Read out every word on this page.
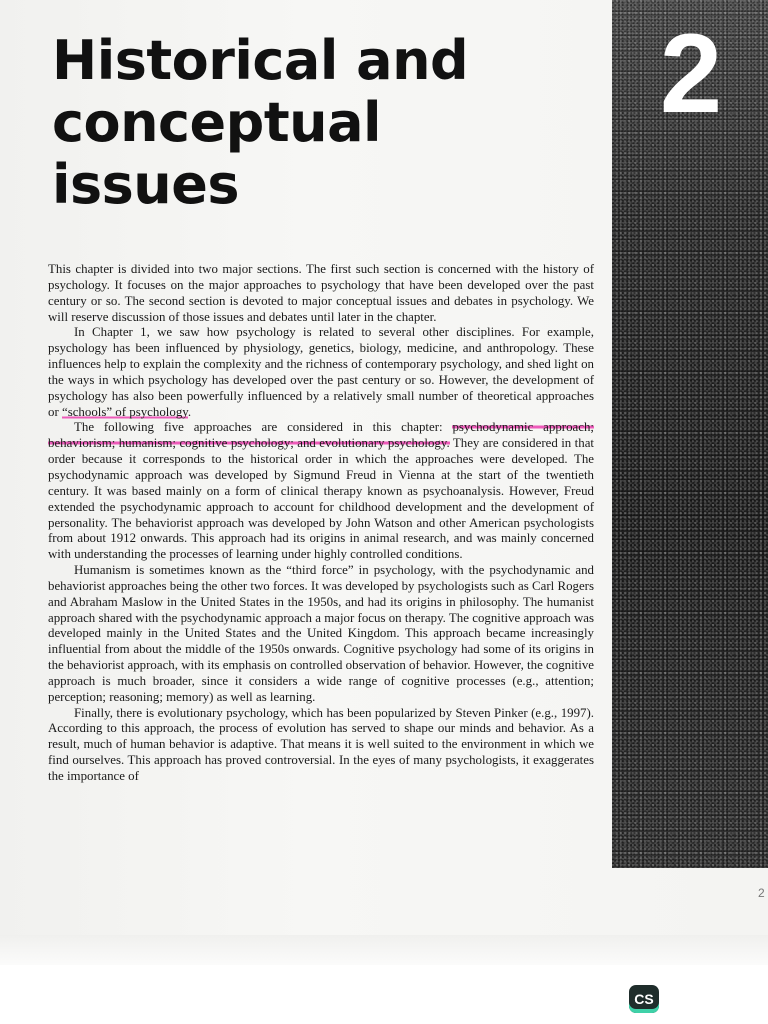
2
Historical and
conceptual
issues

This chapter is divided into two major sections. The first such section is concerned with the history of psychology. It focuses on the major approaches to psychology that have been developed over the past century or so. The second section is devoted to major conceptual issues and debates in psychology. We will reserve discussion of those issues and debates until later in the chapter.

In Chapter 1, we saw how psychology is related to several other disciplines. For example, psychology has been influenced by physiology, genetics, biology, medicine, and anthropology. These influences help to explain the complexity and the richness of contemporary psychology, and shed light on the ways in which psychology has developed over the past century or so. However, the development of psychology has also been powerfully influenced by a relatively small number of theoretical approaches or “schools” of psychology.

The following five approaches are considered in this chapter: psychodynamic approach; behaviorism; humanism; cognitive psychology; and evolutionary psychology. They are considered in that order because it corresponds to the historical order in which the approaches were developed. The psychodynamic approach was developed by Sigmund Freud in Vienna at the start of the twentieth century. It was based mainly on a form of clinical therapy known as psychoanalysis. However, Freud extended the psychodynamic approach to account for childhood development and the development of personality. The behaviorist approach was developed by John Watson and other American psychologists from about 1912 onwards. This approach had its origins in animal research, and was mainly concerned with understanding the processes of learning under highly controlled conditions.

Humanism is sometimes known as the “third force” in psychology, with the psychodynamic and behaviorist approaches being the other two forces. It was developed by psychologists such as Carl Rogers and Abraham Maslow in the United States in the 1950s, and had its origins in philosophy. The humanist approach shared with the psychodynamic approach a major focus on therapy. The cognitive approach was developed mainly in the United States and the United Kingdom. This approach became increasingly influential from about the middle of the 1950s onwards. Cognitive psychology had some of its origins in the behaviorist approach, with its emphasis on controlled observation of behavior. However, the cognitive approach is much broader, since it considers a wide range of cognitive processes (e.g., attention; perception; reasoning; memory) as well as learning.

Finally, there is evolutionary psychology, which has been popularized by Steven Pinker (e.g., 1997). According to this approach, the process of evolution has served to shape our minds and behavior. As a result, much of human behavior is adaptive. That means it is well suited to the environment in which we find ourselves. This approach has proved controversial. In the eyes of many psychologists, it exaggerates the importance of

2
CS
